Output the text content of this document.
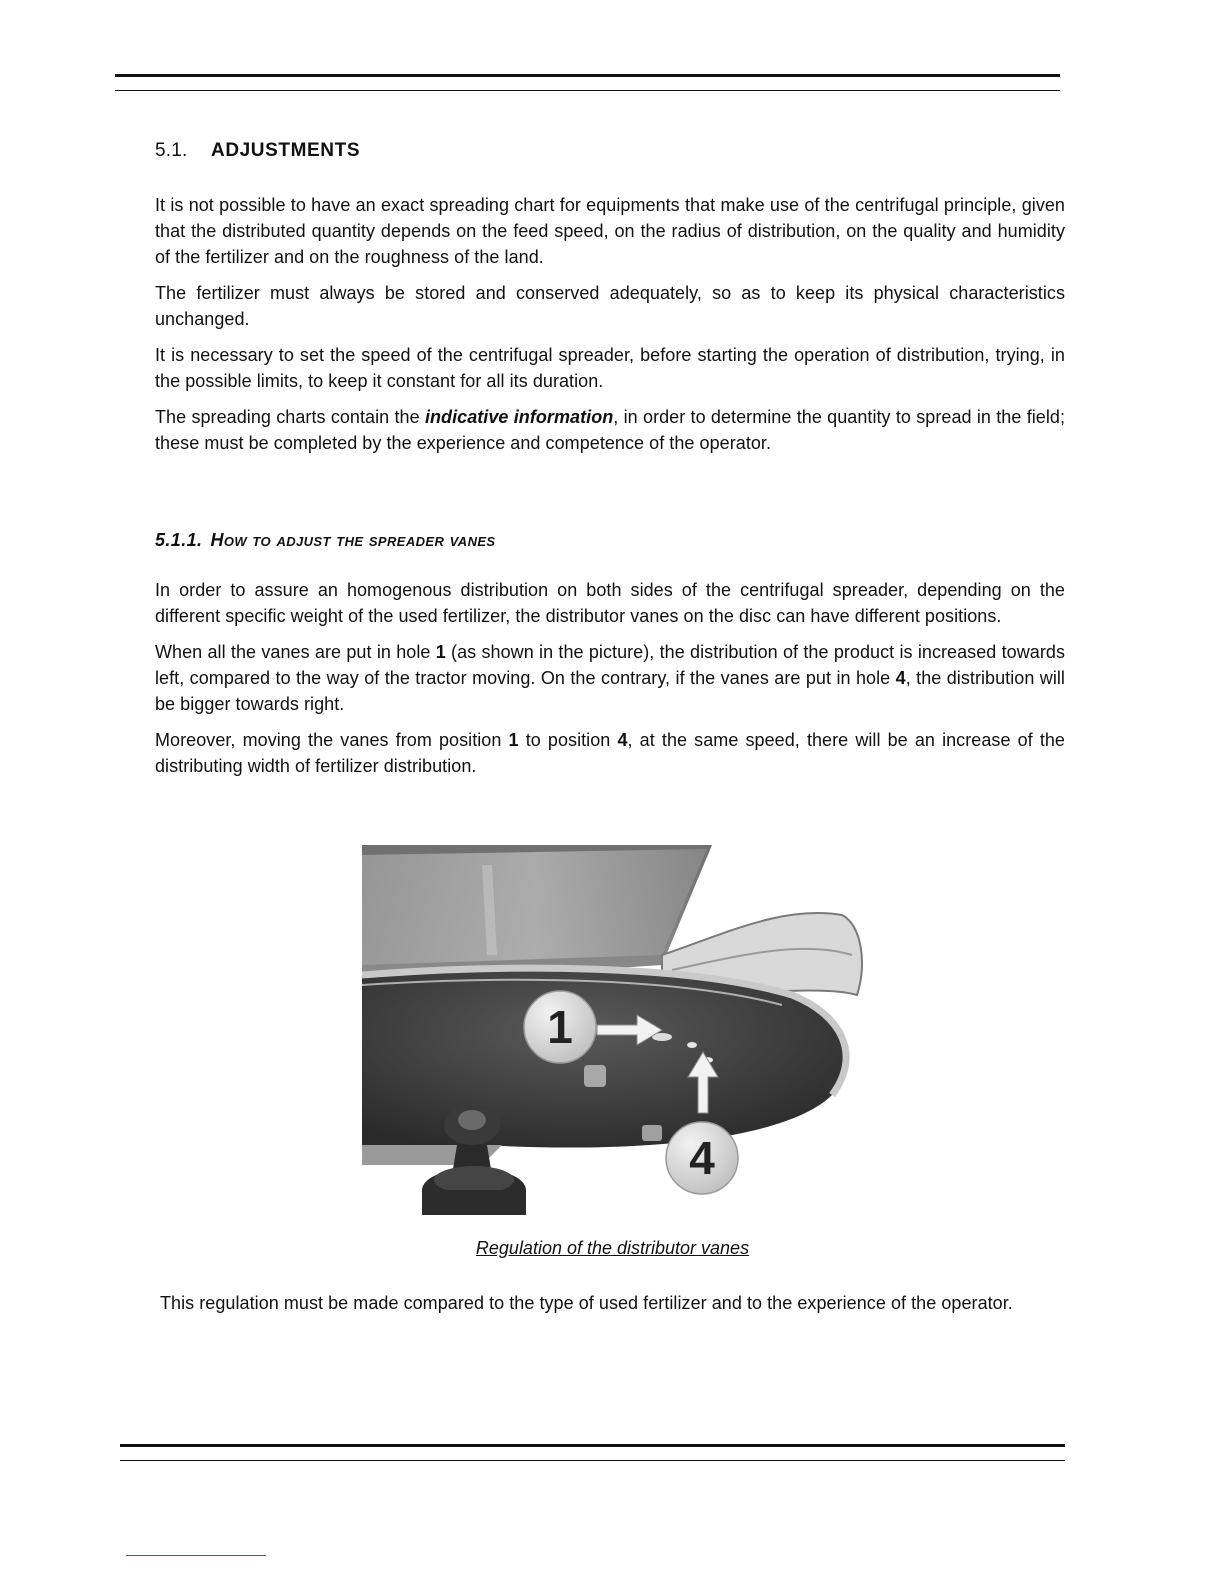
5.1. ADJUSTMENTS

It is not possible to have an exact spreading chart for equipments that make use of the centrifugal principle, given that the distributed quantity depends on the feed speed, on the radius of distribution, on the quality and humidity of the fertilizer and on the roughness of the land.

The fertilizer must always be stored and conserved adequately, so as to keep its physical characteristics unchanged.

It is necessary to set the speed of the centrifugal spreader, before starting the operation of distribution, trying, in the possible limits, to keep it constant for all its duration.

The spreading charts contain the indicative information, in order to determine the quantity to spread in the field; these must be completed by the experience and competence of the operator.

5.1.1. How to adjust the spreader vanes

In order to assure an homogenous distribution on both sides of the centrifugal spreader, depending on the different specific weight of the used fertilizer, the distributor vanes on the disc can have different positions.

When all the vanes are put in hole 1 (as shown in the picture), the distribution of the product is increased towards left, compared to the way of the tractor moving. On the contrary, if the vanes are put in hole 4, the distribution will be bigger towards right.

Moreover, moving the vanes from position 1 to position 4, at the same speed, there will be an increase of the distributing width of fertilizer distribution.

1
4
Regulation of the distributor vanes

This regulation must be made compared to the type of used fertilizer and to the experience of the operator.
